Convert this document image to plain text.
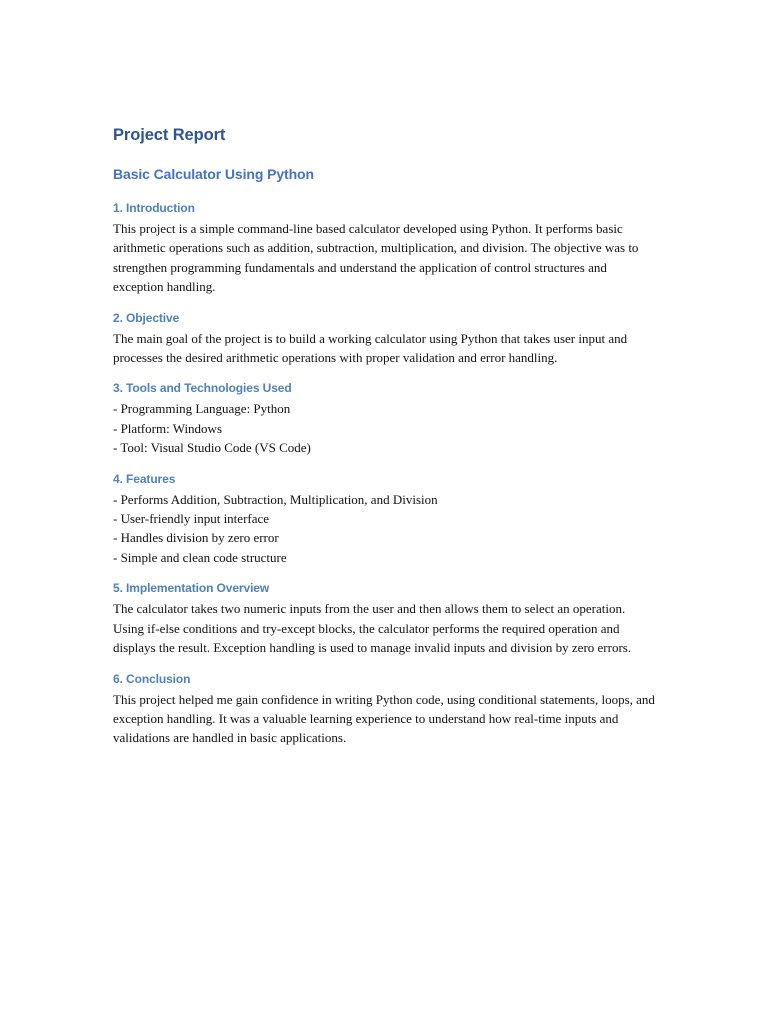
Project Report
Basic Calculator Using Python
1. Introduction

This project is a simple command-line based calculator developed using Python. It performs basic arithmetic operations such as addition, subtraction, multiplication, and division. The objective was to strengthen programming fundamentals and understand the application of control structures and exception handling.

2. Objective

The main goal of the project is to build a working calculator using Python that takes user input and processes the desired arithmetic operations with proper validation and error handling.

3. Tools and Technologies Used
- Programming Language: Python
- Platform: Windows
- Tool: Visual Studio Code (VS Code)
4. Features
- Performs Addition, Subtraction, Multiplication, and Division
- User-friendly input interface
- Handles division by zero error
- Simple and clean code structure
5. Implementation Overview

The calculator takes two numeric inputs from the user and then allows them to select an operation. Using if-else conditions and try-except blocks, the calculator performs the required operation and displays the result. Exception handling is used to manage invalid inputs and division by zero errors.

6. Conclusion

This project helped me gain confidence in writing Python code, using conditional statements, loops, and exception handling. It was a valuable learning experience to understand how real-time inputs and validations are handled in basic applications.
